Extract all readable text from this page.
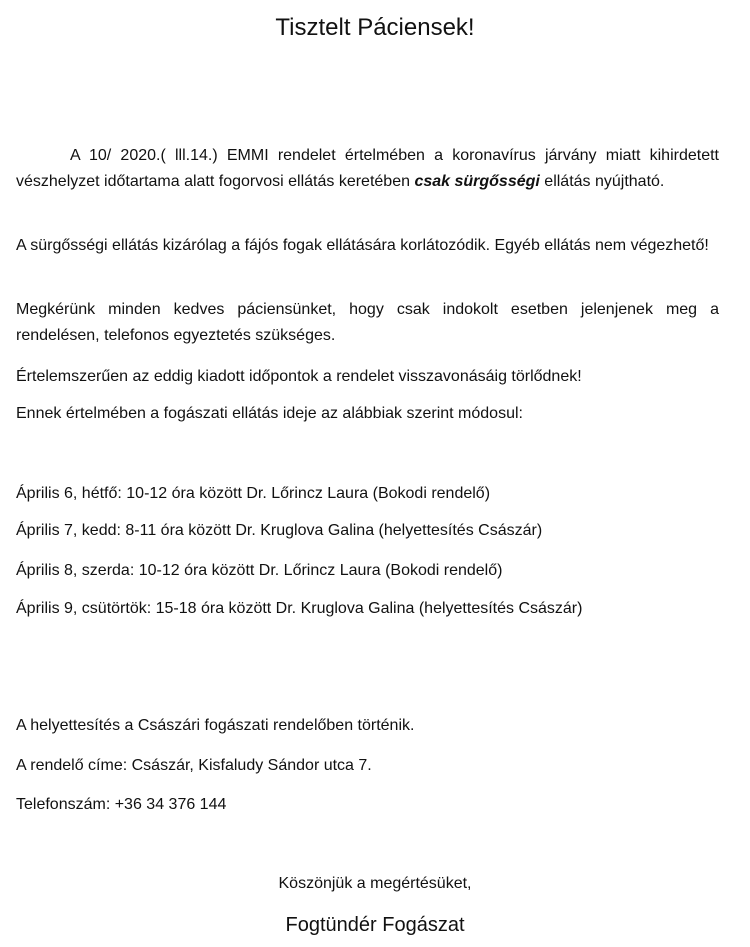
Tisztelt Páciensek!

A 10/ 2020.( lll.14.) EMMI rendelet értelmében a koronavírus járvány miatt kihirdetett vészhelyzet időtartama alatt fogorvosi ellátás keretében csak sürgősségi ellátás nyújtható.

A sürgősségi ellátás kizárólag a fájós fogak ellátására korlátozódik. Egyéb ellátás nem végezhető!

Megkérünk minden kedves páciensünket, hogy csak indokolt esetben jelenjenek meg a rendelésen, telefonos egyeztetés szükséges.

Értelemszerűen az eddig kiadott időpontok a rendelet visszavonásáig törlődnek!

Ennek értelmében a fogászati ellátás ideje az alábbiak szerint módosul:

Április 6, hétfő: 10-12 óra között Dr. Lőrincz Laura (Bokodi rendelő)

Április 7, kedd: 8-11 óra között Dr. Kruglova Galina (helyettesítés Császár)

Április 8, szerda: 10-12 óra között Dr. Lőrincz Laura (Bokodi rendelő)

Április 9, csütörtök: 15-18 óra között Dr. Kruglova Galina (helyettesítés Császár)

A helyettesítés a Császári fogászati rendelőben történik.

A rendelő címe: Császár, Kisfaludy Sándor utca 7.

Telefonszám: +36 34 376 144

Köszönjük a megértésüket,

Fogtündér Fogászat
